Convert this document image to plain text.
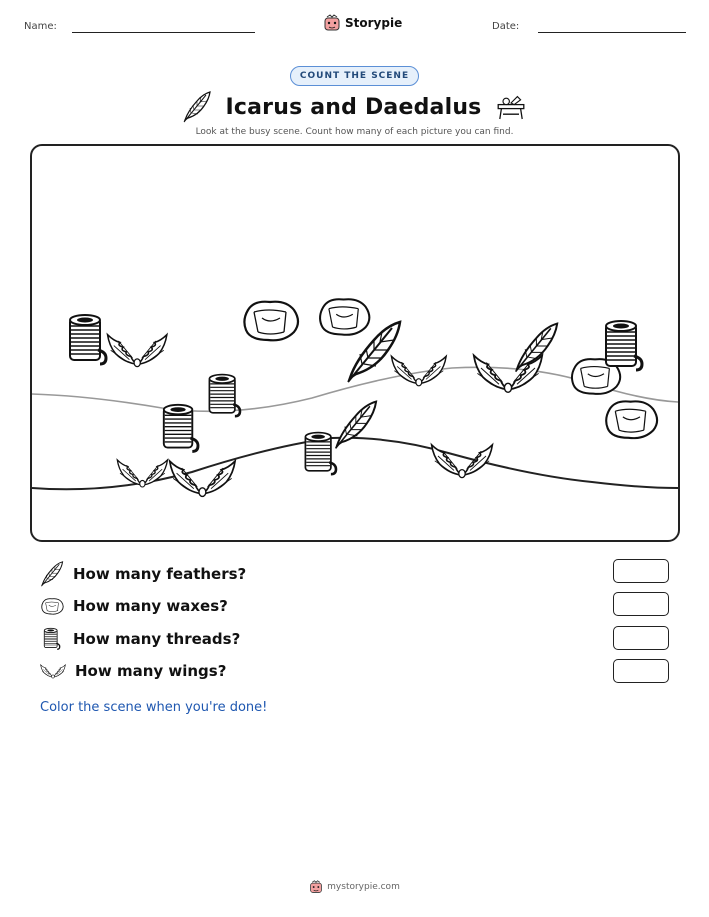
Name:	Storypie	Date:
COUNT THE SCENE
Icarus and Daedalus
Look at the busy scene. Count how many of each picture you can find.
How many feathers?
How many waxes?
How many threads?
How many wings?
Color the scene when you're done!
mystorypie.com
